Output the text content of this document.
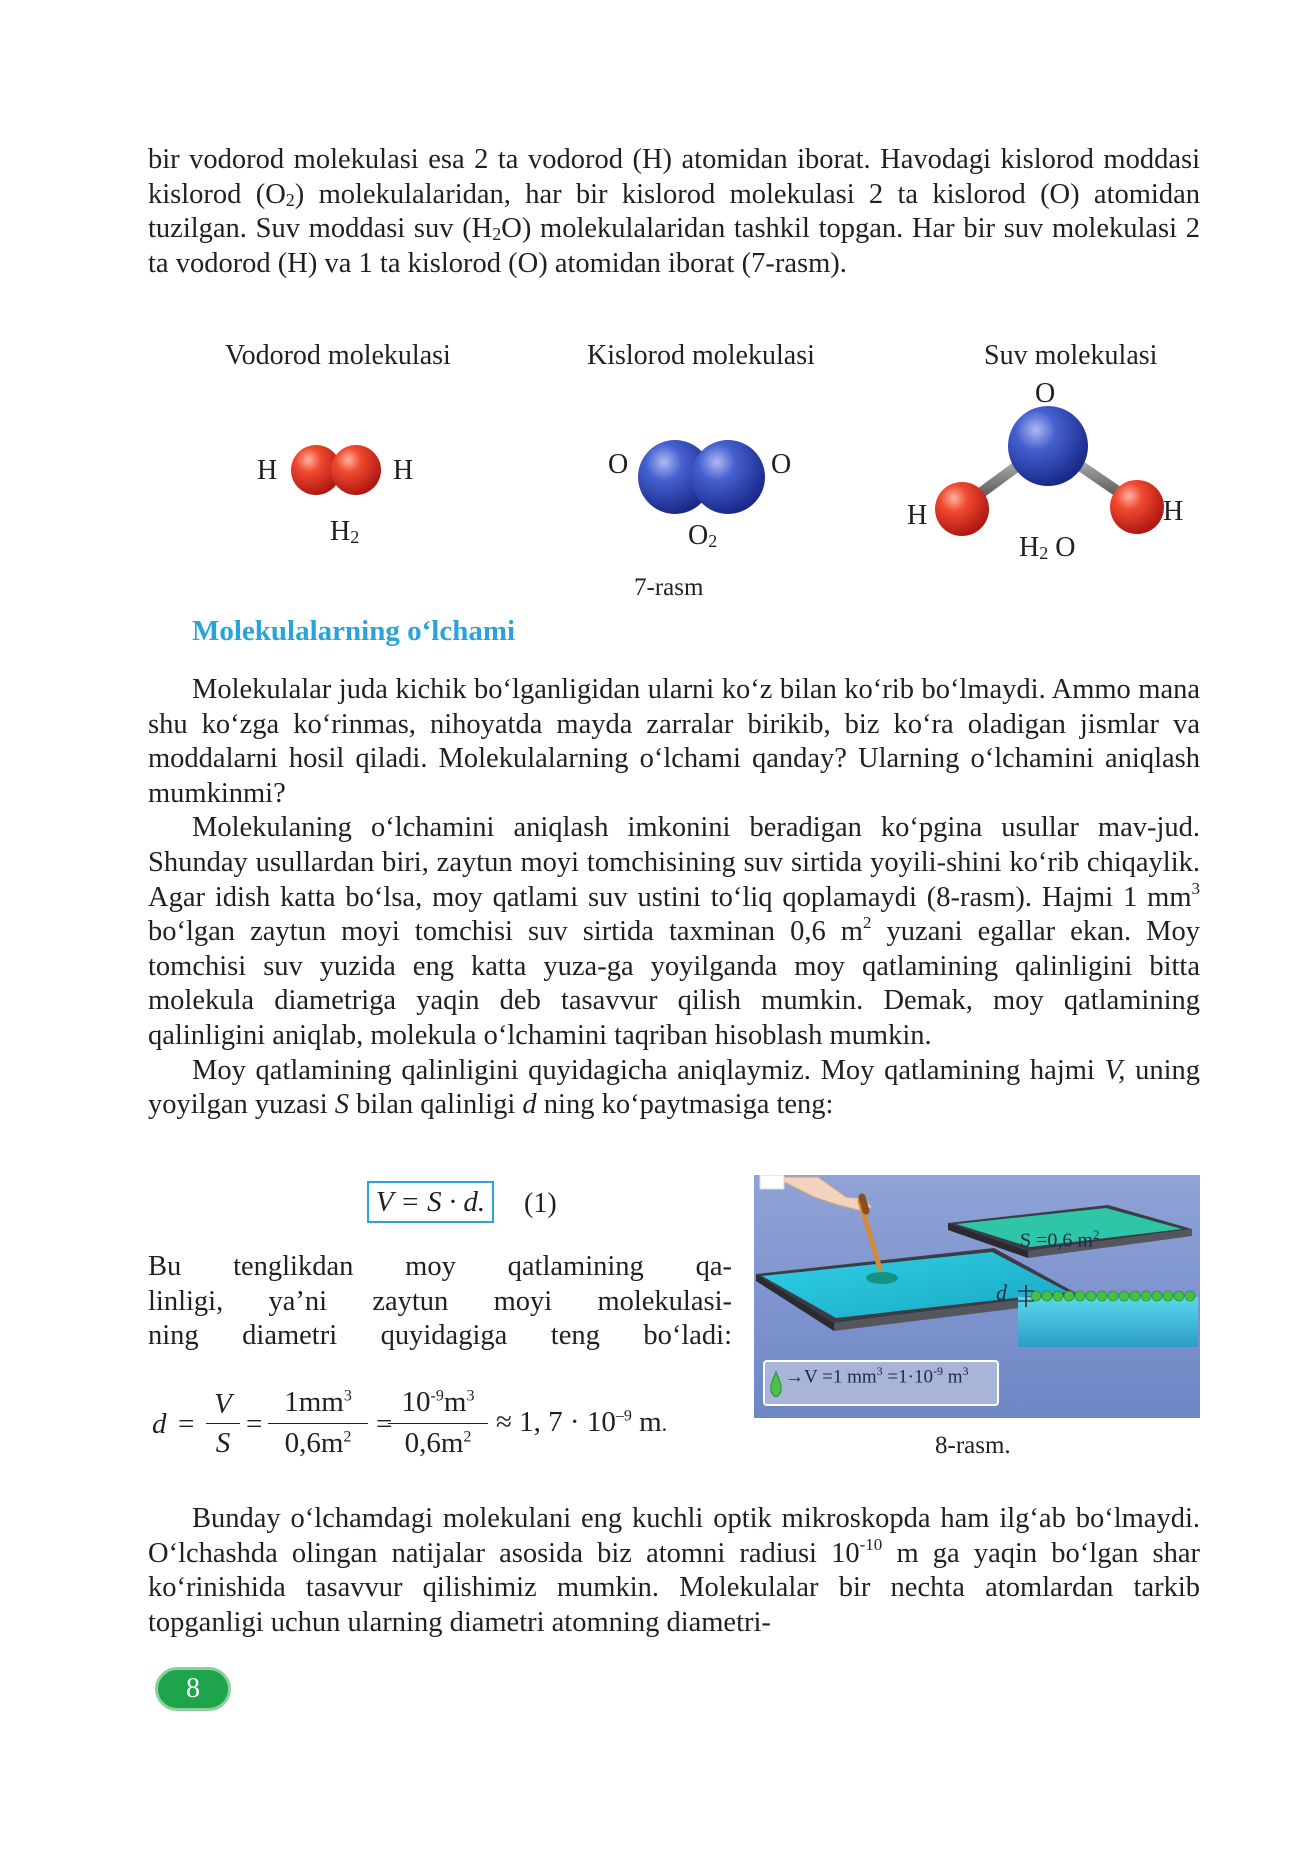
bir vodorod molekulasi esa 2 ta vodorod (H) atomidan iborat. Havodagi kislorod moddasi kislorod $(O_2)$ molekulalaridan, har bir kislorod molekulasi 2 ta kislorod (O) atomidan tuzilgan. Suv moddasi suv $(H_2O)$ molekulalaridan tashkil topgan. Har bir suv molekulasi 2 ta vodorod (H) va 1 ta kislorod (O) atomidan iborat (7-rasm).

Vodorod molekulasi	Kislorod molekulasi	Suv molekulasi
H	H
$H_2$
O	O
$O_2$
O
H	H
$H_2$ O
7-rasm
Molekulalarning o‘lchami

Molekulalar juda kichik bo‘lganligidan ularni ko‘z bilan ko‘rib bo‘lmaydi. Ammo mana shu ko‘zga ko‘rinmas, nihoyatda mayda zarralar birikib, biz ko‘ra oladigan jismlar va moddalarni hosil qiladi. Molekulalarning o‘lchami qanday? Ularning o‘lchamini aniqlash mumkinmi?

Molekulaning o‘lchamini aniqlash imkonini beradigan ko‘pgina usullar mav-jud. Shunday usullardan biri, zaytun moyi tomchisining suv sirtida yoyili-shini ko‘rib chiqaylik. Agar idish katta bo‘lsa, moy qatlami suv ustini to‘liq qoplamaydi (8-rasm). Hajmi 1 $mm^3$ bo‘lgan zaytun moyi tomchisi suv sirtida taxminan 0,6 $m^2$ yuzani egallar ekan. Moy tomchisi suv yuzida eng katta yuza-ga yoyilganda moy qatlamining qalinligini bitta molekula diametriga yaqin deb tasavvur qilish mumkin. Demak, moy qatlamining qalinligini aniqlab, molekula o‘lchamini taqriban hisoblash mumkin.

Moy qatlamining qalinligini quyidagicha aniqlaymiz. Moy qatlamining hajmi V, uning yoyilgan yuzasi S bilan qalinligi d ning ko‘paytmasiga teng:

V = S · d.	(1)

Bu tenglikdan moy qatlamining qa-

linligi, ya’ni zaytun moyi molekulasi-

ning diametri quyidagiga teng bo‘ladi:

d =
V
S
=
$1mm^3$
$0,6m^2$ =
$10^{-9}m^3$
$0,6m^2 \approx 1$, $7 \cdot 10^{-9}$ m.
S =0,6 $m^2$
d
→V =1 $mm^3 =1\cdot 10^{-9}$ $m^3$
8-rasm.

Bunday o‘lchamdagi molekulani eng kuchli optik mikroskopda ham ilg‘ab bo‘lmaydi. O‘lchashda olingan natijalar asosida biz atomni radiusi $10^{-10}$ m ga yaqin bo‘lgan shar ko‘rinishida tasavvur qilishimiz mumkin. Molekulalar bir nechta atomlardan tarkib topganligi uchun ularning diametri atomning diametri-

8
